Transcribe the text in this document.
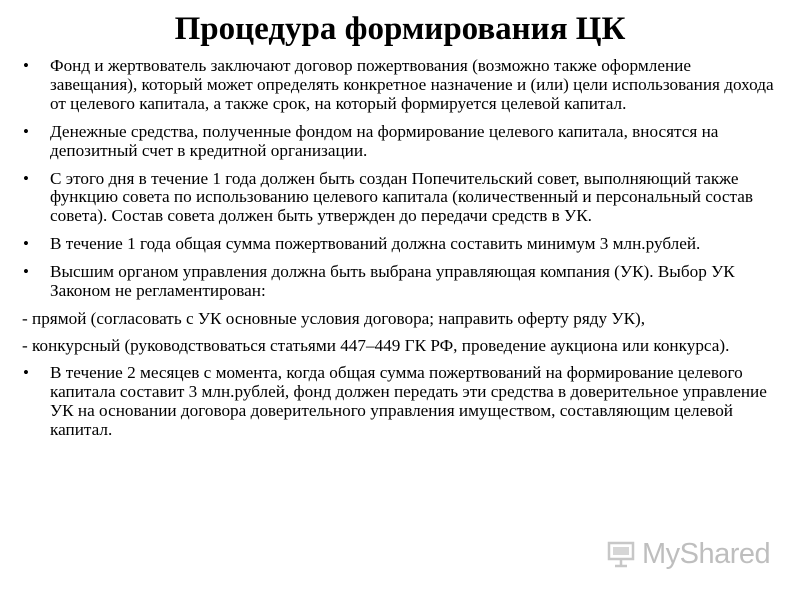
Процедура формирования ЦК
• Фонд и жертвователь заключают договор пожертвования (возможно также оформление завещания), который может определять конкретное назначение и (или) цели использования дохода от целевого капитала, а также срок, на который формируется целевой капитал.
• Денежные средства, полученные фондом на формирование целевого капитала, вносятся на депозитный счет в кредитной организации.
• С этого дня в течение 1 года должен быть создан Попечительский совет, выполняющий также функцию совета по использованию целевого капитала (количественный и персональный состав совета). Состав совета должен быть утвержден до передачи средств в УК.
• В течение 1 года общая сумма пожертвований должна составить минимум 3 млн.рублей.
• Высшим органом управления должна быть выбрана управляющая компания (УК). Выбор УК Законом не регламентирован:
- прямой (согласовать с УК основные условия договора; направить оферту ряду УК),
- конкурсный (руководствоваться статьями 447–449 ГК РФ, проведение аукциона или конкурса).
• В течение 2 месяцев с момента, когда общая сумма пожертвований на формирование целевого капитала составит 3 млн.рублей, фонд должен передать эти средства в доверительное управление УК на основании договора доверительного управления имуществом, составляющим целевой капитал.
MyShared
